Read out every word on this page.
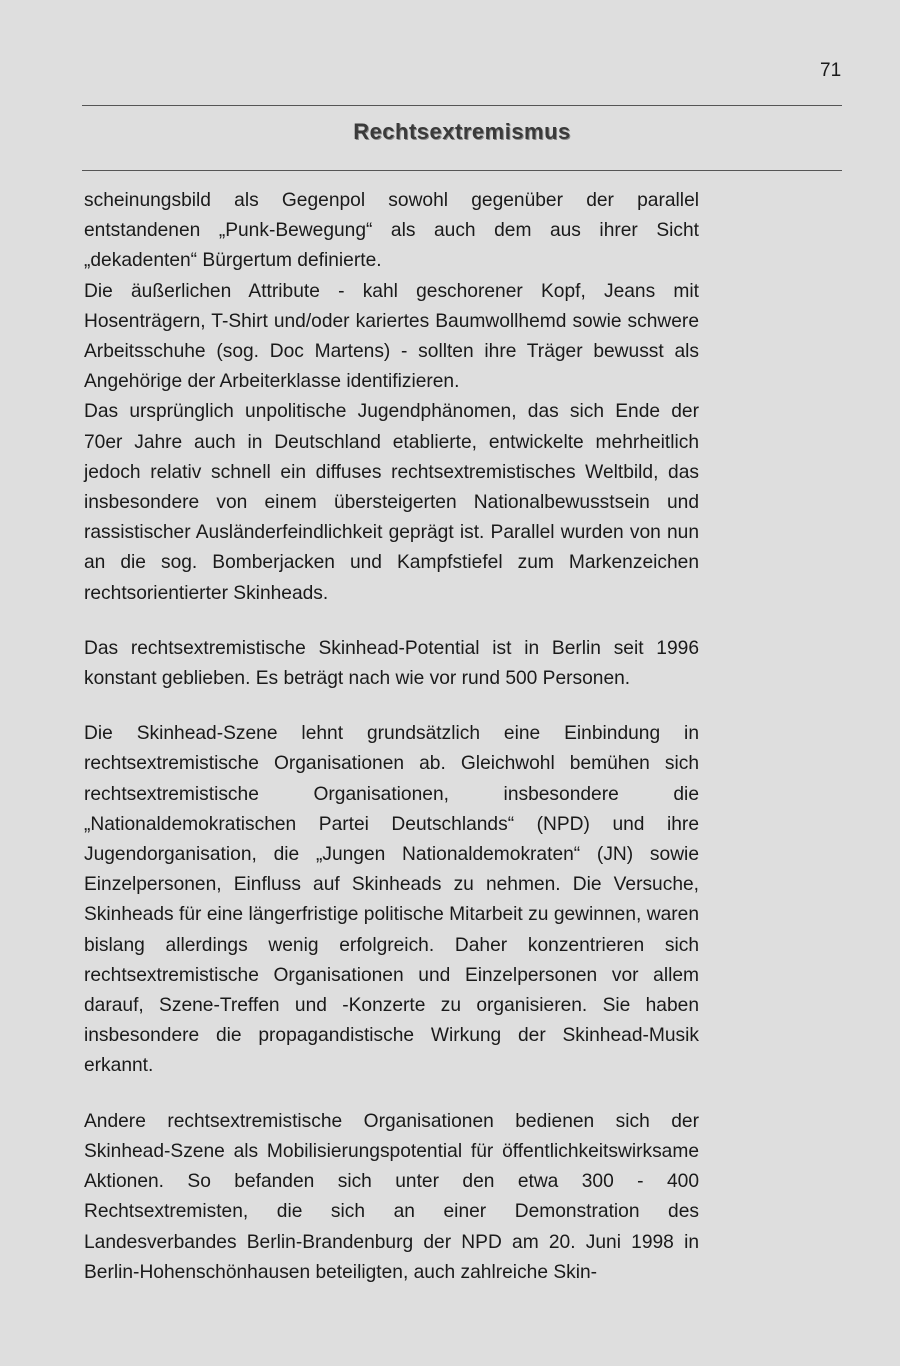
71
Rechtsextremismus

scheinungsbild als Gegenpol sowohl gegenüber der parallel entstandenen „Punk-Bewegung“ als auch dem aus ihrer Sicht „dekadenten“ Bürgertum definierte.

Die äußerlichen Attribute - kahl geschorener Kopf, Jeans mit Hosenträgern, T-Shirt und/oder kariertes Baumwollhemd sowie schwere Arbeitsschuhe (sog. Doc Martens) - sollten ihre Träger bewusst als Angehörige der Arbeiterklasse identifizieren.

Das ursprünglich unpolitische Jugendphänomen, das sich Ende der 70er Jahre auch in Deutschland etablierte, entwickelte mehrheitlich jedoch relativ schnell ein diffuses rechtsextremistisches Weltbild, das insbesondere von einem übersteigerten Nationalbewusstsein und rassistischer Ausländerfeindlichkeit geprägt ist. Parallel wurden von nun an die sog. Bomberjacken und Kampfstiefel zum Markenzeichen rechtsorientierter Skinheads.

Das rechtsextremistische Skinhead-Potential ist in Berlin seit 1996 konstant geblieben. Es beträgt nach wie vor rund 500 Personen.

Die Skinhead-Szene lehnt grundsätzlich eine Einbindung in rechtsextremistische Organisationen ab. Gleichwohl bemühen sich rechtsextremistische Organisationen, insbesondere die „Nationaldemokratischen Partei Deutschlands“ (NPD) und ihre Jugendorganisation, die „Jungen Nationaldemokraten“ (JN) sowie Einzelpersonen, Einfluss auf Skinheads zu nehmen. Die Versuche, Skinheads für eine längerfristige politische Mitarbeit zu gewinnen, waren bislang allerdings wenig erfolgreich. Daher konzentrieren sich rechtsextremistische Organisationen und Einzelpersonen vor allem darauf, Szene-Treffen und -Konzerte zu organisieren. Sie haben insbesondere die propagandistische Wirkung der Skinhead-Musik erkannt.

Andere rechtsextremistische Organisationen bedienen sich der Skinhead-Szene als Mobilisierungspotential für öffentlichkeitswirksame Aktionen. So befanden sich unter den etwa 300 - 400 Rechtsextremisten, die sich an einer Demonstration des Landesverbandes Berlin-Brandenburg der NPD am 20. Juni 1998 in Berlin-Hohenschönhausen beteiligten, auch zahlreiche Skin-
